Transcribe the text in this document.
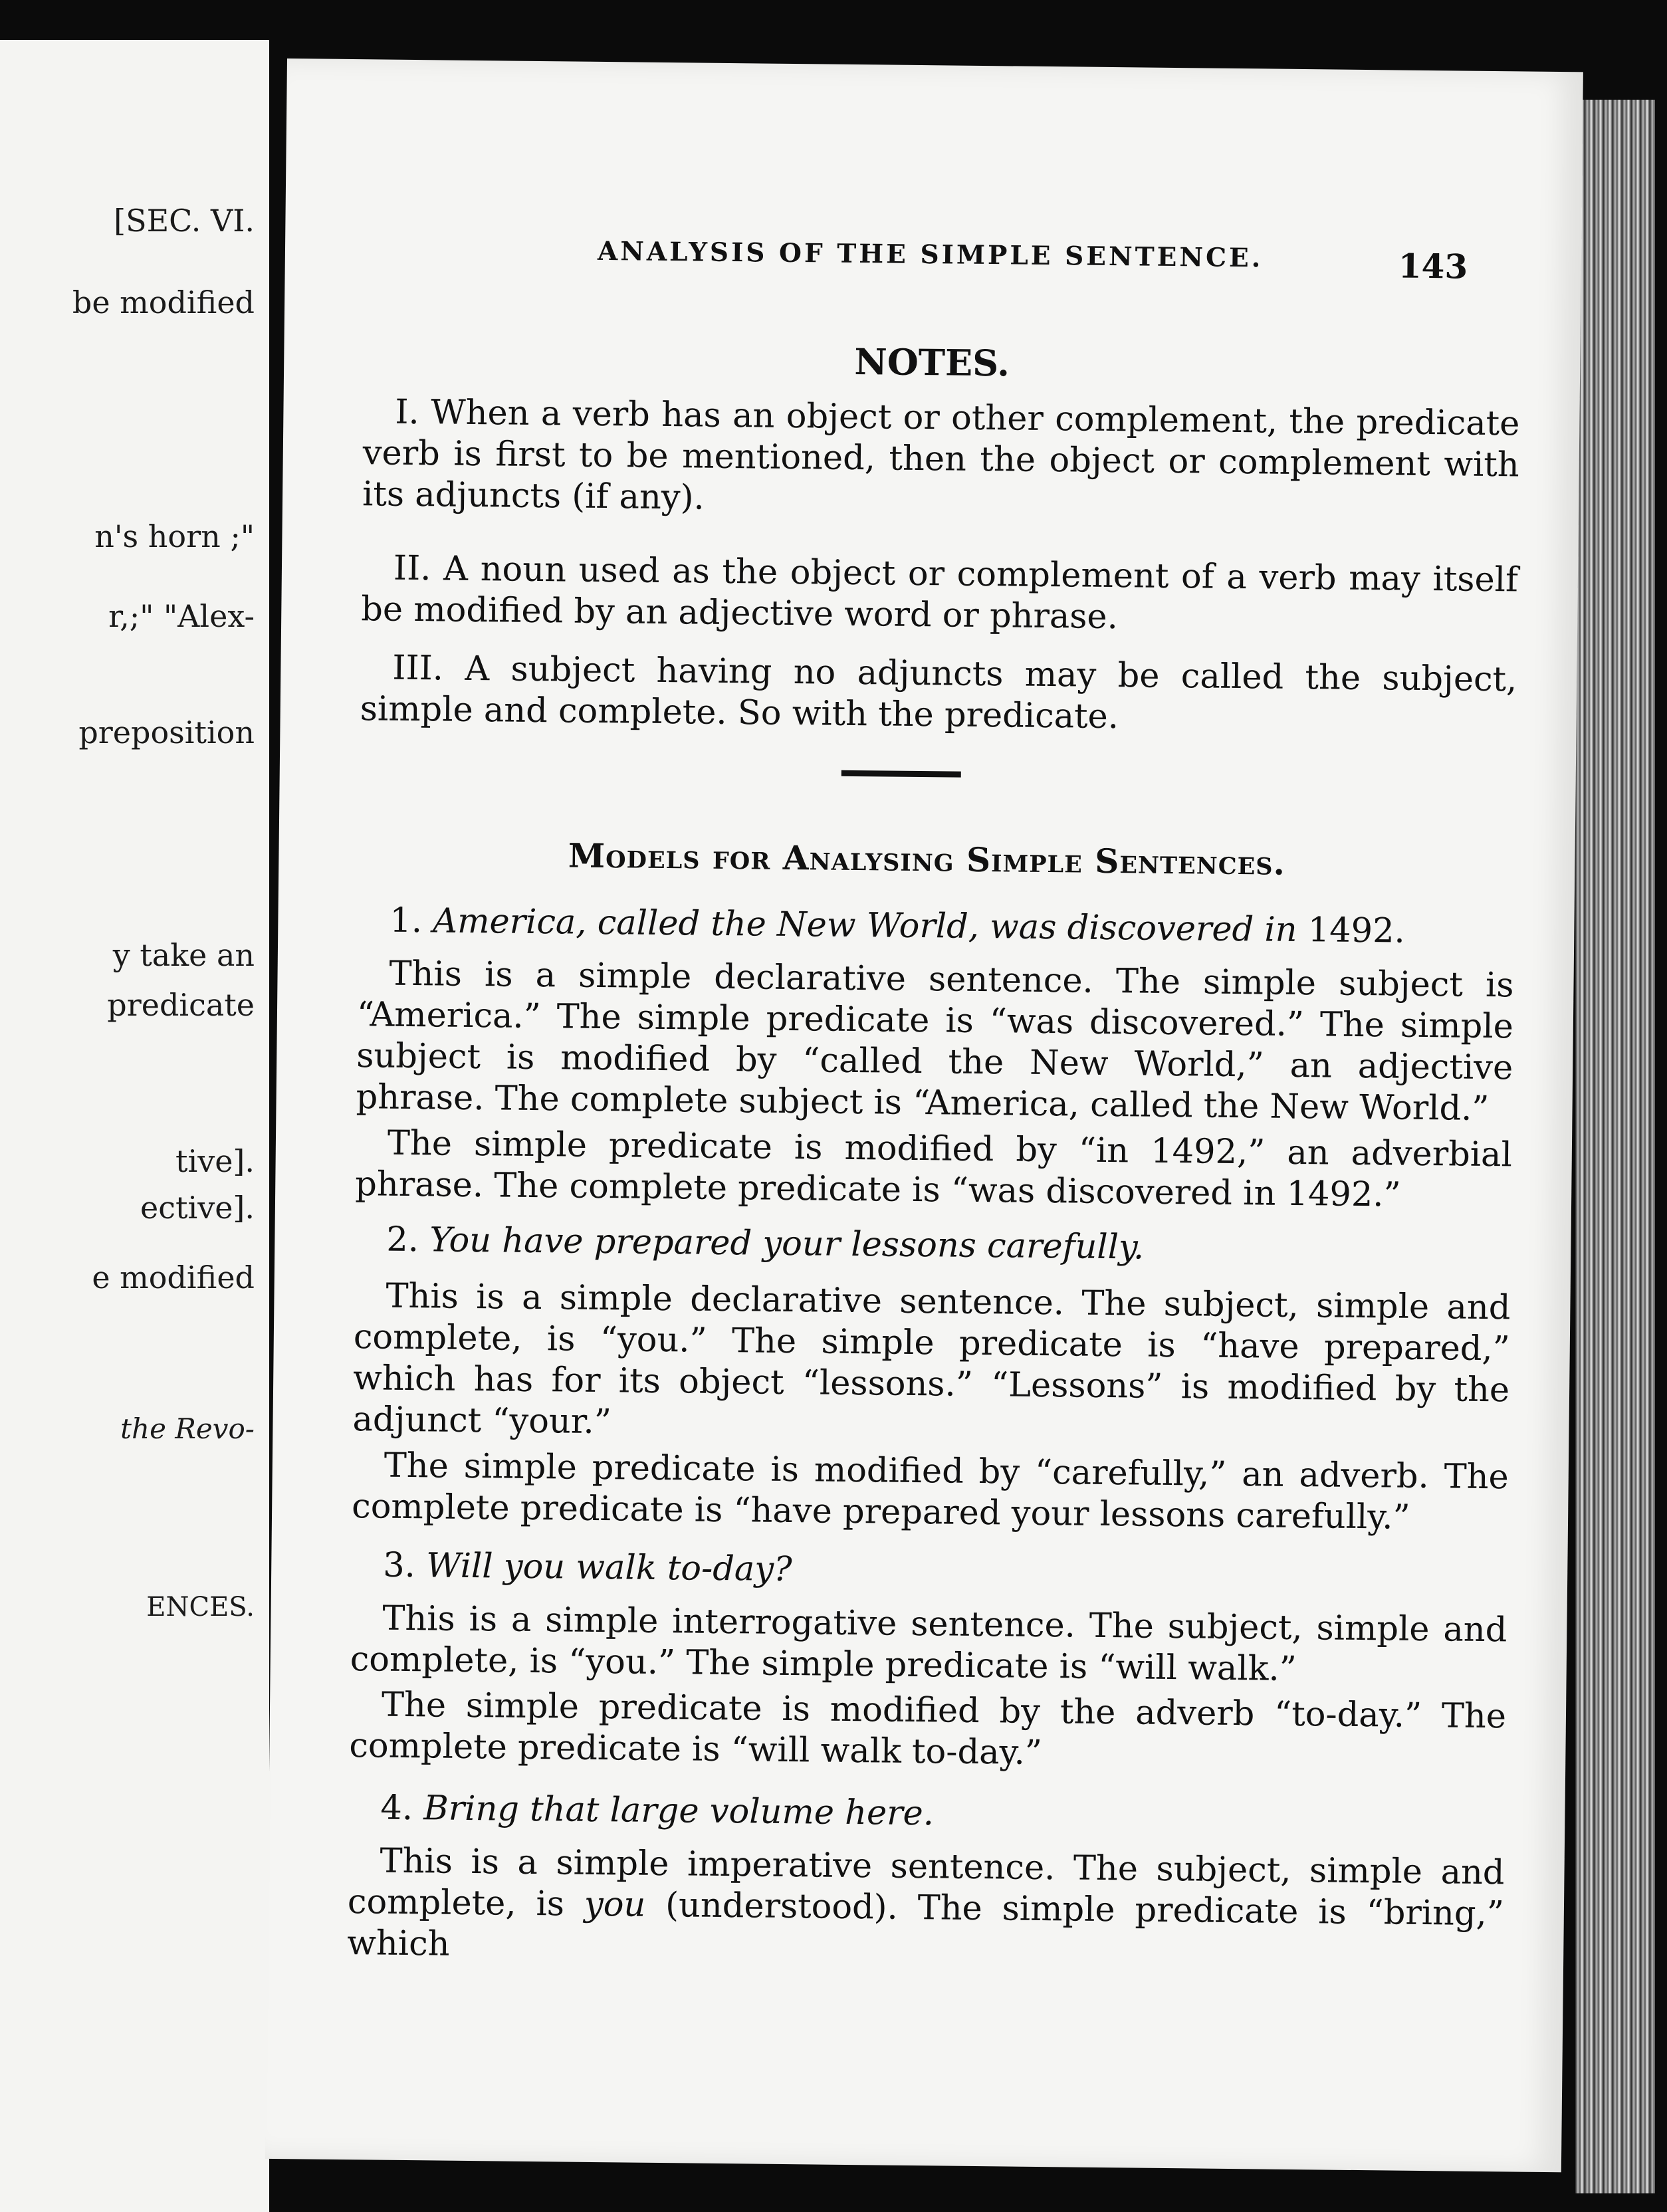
[SEC. VI.
be modified
n's horn ;"
r,;" "Alex-
preposition
y take an
predicate
tive].
ective].
e modified
the Revo-
ENCES.
ANALYSIS OF THE SIMPLE SENTENCE.	143
NOTES.
I. When a verb has an object or other complement, the predicate verb is first to be mentioned, then the object or complement with its adjuncts (if any).
II. A noun used as the object or complement of a verb may itself be modified by an adjective word or phrase.
III. A subject having no adjuncts may be called the subject, simple and complete. So with the predicate.
Models for Analysing Simple Sentences.
1. America, called the New World, was discovered in 1492.
This is a simple declarative sentence. The simple subject is “America.” The simple predicate is “was discovered.” The simple subject is modified by “called the New World,” an adjective phrase. The complete subject is “America, called the New World.”
The simple predicate is modified by “in 1492,” an adverbial phrase. The complete predicate is “was discovered in 1492.”
2. You have prepared your lessons carefully.
This is a simple declarative sentence. The subject, simple and complete, is “you.” The simple predicate is “have prepared,” which has for its object “lessons.” “Lessons” is modified by the adjunct “your.”
The simple predicate is modified by “carefully,” an adverb. The complete predicate is “have prepared your lessons carefully.”
3. Will you walk to-day?
This is a simple interrogative sentence. The subject, simple and complete, is “you.” The simple predicate is “will walk.”
The simple predicate is modified by the adverb “to-day.” The complete predicate is “will walk to-day.”
4. Bring that large volume here.
This is a simple imperative sentence. The subject, simple and complete, is you (understood). The simple predicate is “bring,” which
